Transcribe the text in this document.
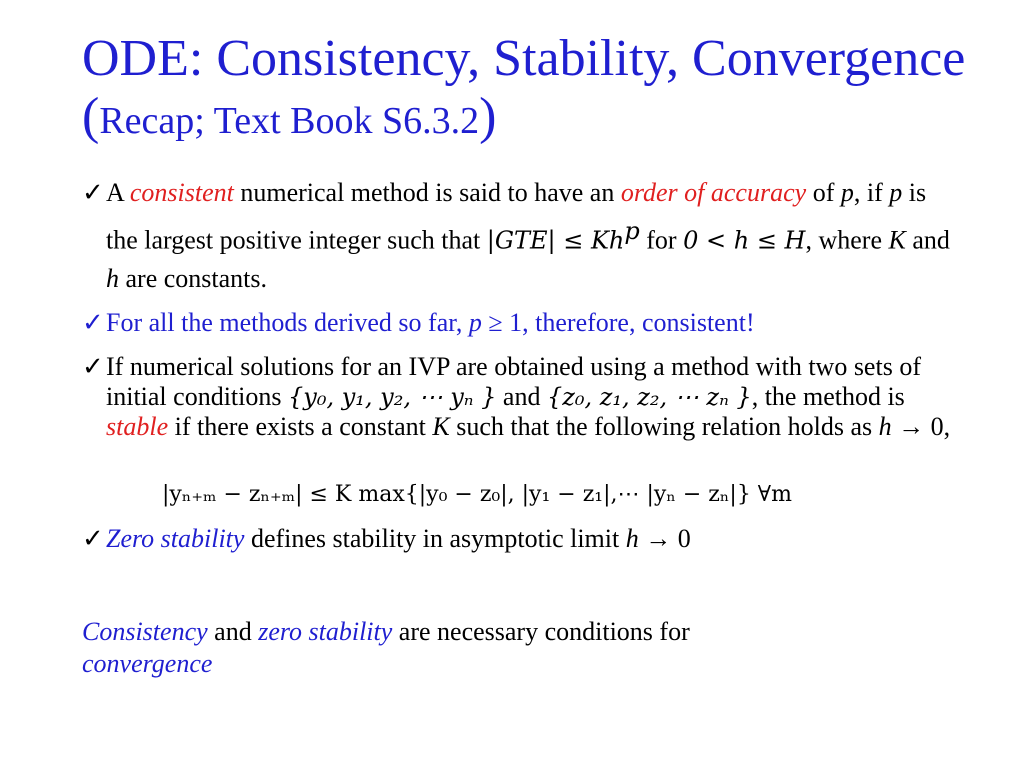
ODE: Consistency, Stability, Convergence (Recap; Text Book S6.3.2)
✓ A consistent numerical method is said to have an order of accuracy of p, if p is the largest positive integer such that $|GTE| \le Kh^p$ for 0 < h ≤ H, where K and h are constants.
✓ For all the methods derived so far, p ≥ 1, therefore, consistent!
✓ If numerical solutions for an IVP are obtained using a method with two sets of initial conditions {y₀, y₁, y₂, ⋯ yₙ } and {z₀, z₁, z₂, ⋯ zₙ }, the method is stable if there exists a constant K such that the following relation holds as h → 0,
|yₙ₊ₘ − zₙ₊ₘ| ≤ K max{|y₀ − z₀|, |y₁ − z₁|,⋯ |yₙ − zₙ|} ∀m
✓ Zero stability defines stability in asymptotic limit h → 0
Consistency and zero stability are necessary conditions for
convergence
